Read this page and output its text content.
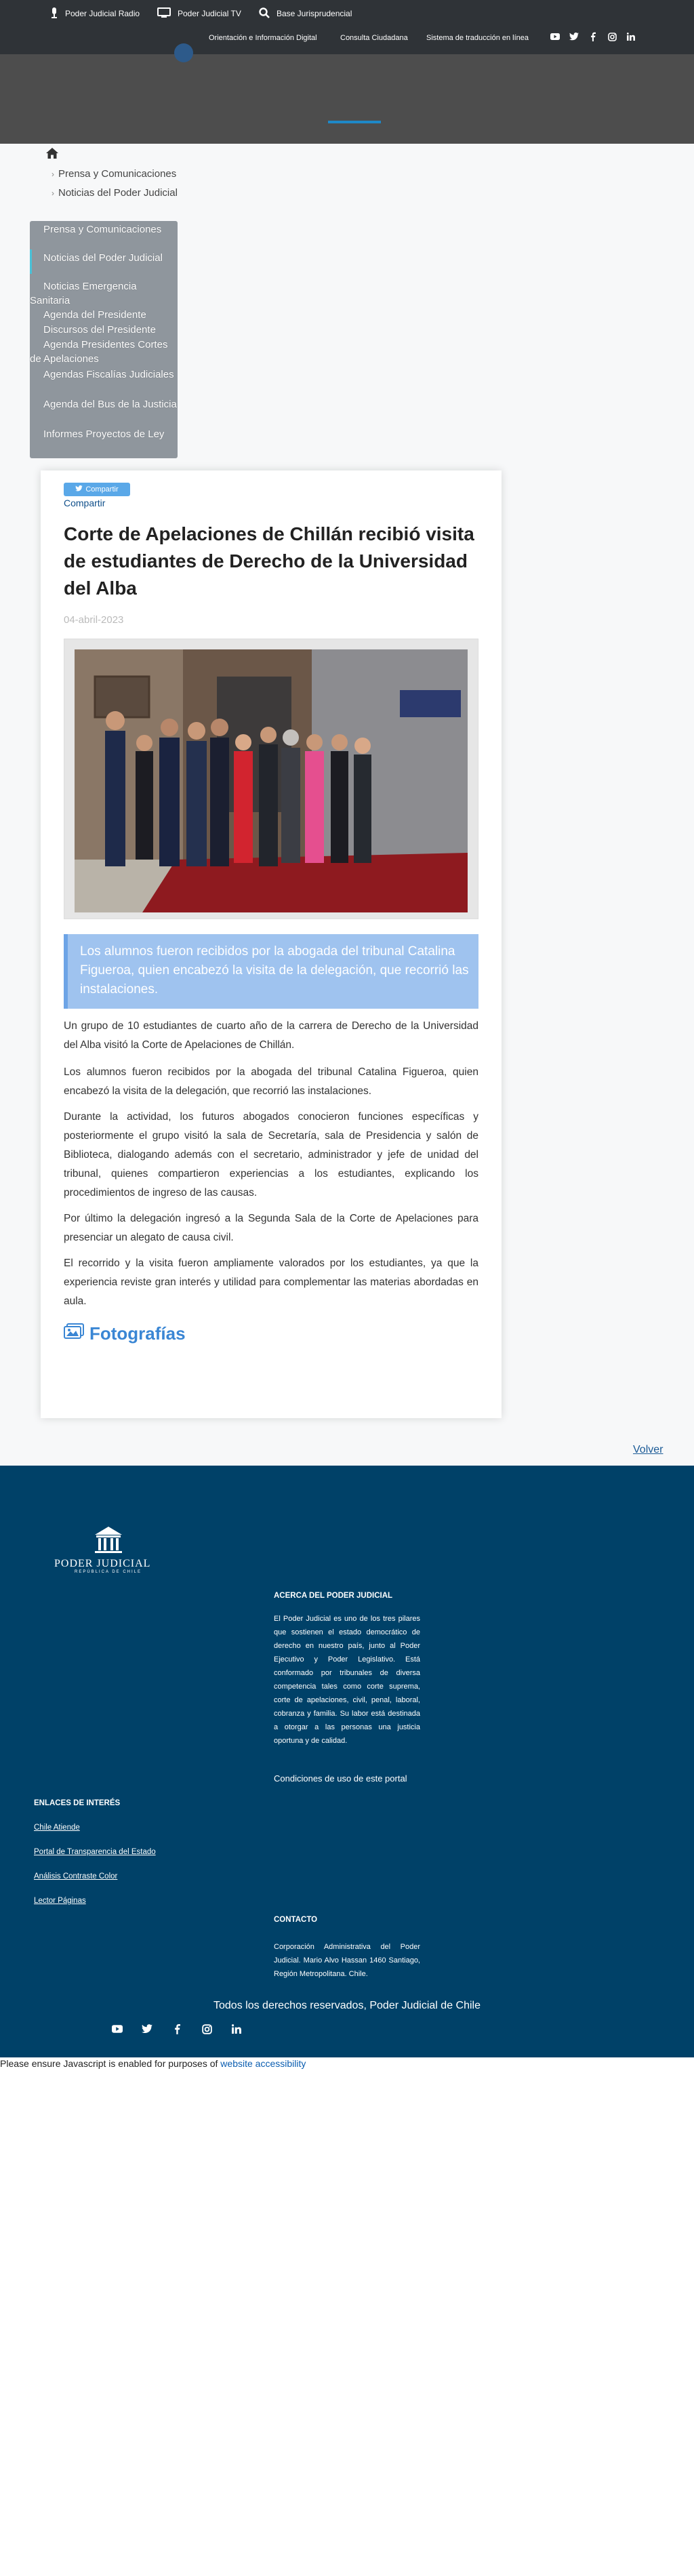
Poder Judicial Radio	Poder Judicial TV	Base Jurisprudencial
Orientación e Información Digital	Consulta Ciudadana Sistema de traducción en línea
› Prensa y Comunicaciones
› Noticias del Poder Judicial
Prensa y Comunicaciones
Noticias del Poder Judicial
Noticias Emergencia Sanitaria
Agenda del Presidente
Discursos del Presidente
Agenda Presidentes Cortes de Apelaciones
Agendas Fiscalías Judiciales
Agenda del Bus de la Justicia
Informes Proyectos de Ley
Compartir
Compartir
Corte de Apelaciones de Chillán recibió visita de estudiantes de Derecho de la Universidad del Alba
04-abril-2023

Los alumnos fueron recibidos por la abogada del tribunal Catalina Figueroa, quien encabezó la visita de la delegación, que recorrió las instalaciones.

Un grupo de 10 estudiantes de cuarto año de la carrera de Derecho de la Universidad del Alba visitó la Corte de Apelaciones de Chillán.

Los alumnos fueron recibidos por la abogada del tribunal Catalina Figueroa, quien encabezó la visita de la delegación, que recorrió las instalaciones.

Durante la actividad, los futuros abogados conocieron funciones específicas y posteriormente el grupo visitó la sala de Secretaría, sala de Presidencia y salón de Biblioteca, dialogando además con el secretario, administrador y jefe de unidad del tribunal, quienes compartieron experiencias a los estudiantes, explicando los procedimientos de ingreso de las causas.

Por último la delegación ingresó a la Segunda Sala de la Corte de Apelaciones para presenciar un alegato de causa civil.

El recorrido y la visita fueron ampliamente valorados por los estudiantes, ya que la experiencia reviste gran interés y utilidad para complementar las materias abordadas en aula.

Fotografías
Volver
PODER JUDICIAL
REPÚBLICA DE CHILE
ACERCA DEL PODER JUDICIAL

El Poder Judicial es uno de los tres pilares que sostienen el estado democrático de derecho en nuestro país, junto al Poder Ejecutivo y Poder Legislativo. Está conformado por tribunales de diversa competencia tales como corte suprema, corte de apelaciones, civil, penal, laboral, cobranza y familia. Su labor está destinada a otorgar a las personas una justicia oportuna y de calidad.

Condiciones de uso de este portal
ENLACES DE INTERÉS
Chile Atiende
Portal de Transparencia del Estado
Análisis Contraste Color
Lector Páginas
CONTACTO

Corporación Administrativa del Poder Judicial. Mario Alvo Hassan 1460 Santiago, Región Metropolitana. Chile.

Todos los derechos reservados, Poder Judicial de Chile
Please ensure Javascript is enabled for purposes of website accessibility
